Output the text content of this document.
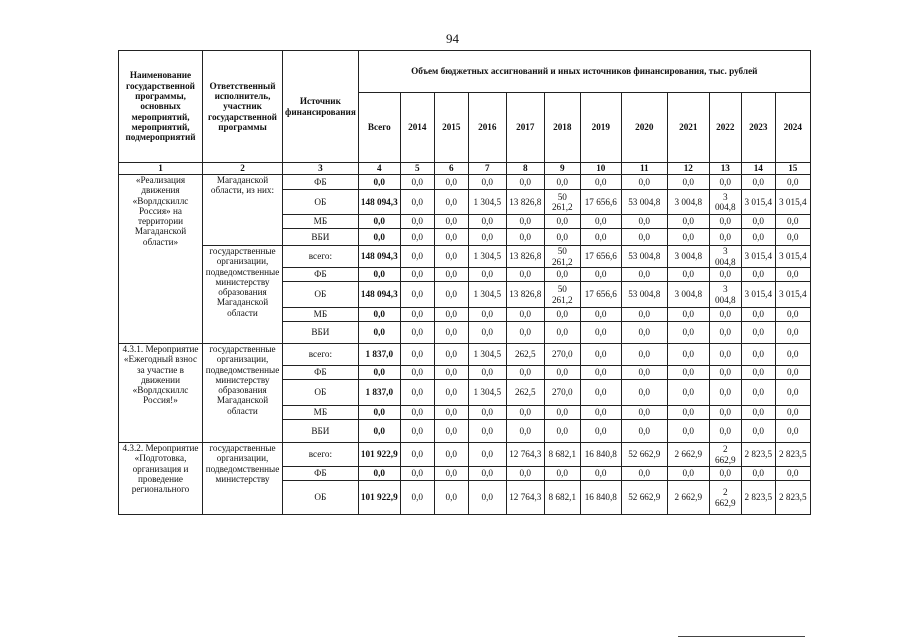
94
Наименование государственной программы, основных мероприятий, мероприятий, подмероприятий	Ответственный исполнитель, участник государственной программы	Источник финансирования	Объем бюджетных ассигнований и иных источников финансирования, тыс. рублей											
			Всего	2014	2015	2016	2017	2018	2019	2020	2021	2022	2023	2024
1	2	3	4	5	6	7	8	9	10	11	12	13	14	15
«Реализация движения «Ворлдскиллс Россия» на территории Магаданской области»	Магаданской области, из них:	ФБ	0,0	0,0	0,0	0,0	0,0	0,0	0,0	0,0	0,0	0,0	0,0	0,0
		ОБ	148 094,3	0,0	0,0	1 304,5	13 826,8	50 261,2	17 656,6	53 004,8	3 004,8	3 004,8	3 015,4	3 015,4
		МБ	0,0	0,0	0,0	0,0	0,0	0,0	0,0	0,0	0,0	0,0	0,0	0,0
		ВБИ	0,0	0,0	0,0	0,0	0,0	0,0	0,0	0,0	0,0	0,0	0,0	0,0
	государственные организации, подведомственные министерству образования Магаданской области	всего:	148 094,3	0,0	0,0	1 304,5	13 826,8	50 261,2	17 656,6	53 004,8	3 004,8	3 004,8	3 015,4	3 015,4
		ФБ	0,0	0,0	0,0	0,0	0,0	0,0	0,0	0,0	0,0	0,0	0,0	0,0
		ОБ	148 094,3	0,0	0,0	1 304,5	13 826,8	50 261,2	17 656,6	53 004,8	3 004,8	3 004,8	3 015,4	3 015,4
		МБ	0,0	0,0	0,0	0,0	0,0	0,0	0,0	0,0	0,0	0,0	0,0	0,0
		ВБИ	0,0	0,0	0,0	0,0	0,0	0,0	0,0	0,0	0,0	0,0	0,0	0,0
4.3.1. Мероприятие «Ежегодный взнос за участие в движении «Ворлдскиллс Россия!»	государственные организации, подведомственные министерству образования Магаданской области	всего:	1 837,0	0,0	0,0	1 304,5	262,5	270,0	0,0	0,0	0,0	0,0	0,0	0,0
		ФБ	0,0	0,0	0,0	0,0	0,0	0,0	0,0	0,0	0,0	0,0	0,0	0,0
		ОБ	1 837,0	0,0	0,0	1 304,5	262,5	270,0	0,0	0,0	0,0	0,0	0,0	0,0
		МБ	0,0	0,0	0,0	0,0	0,0	0,0	0,0	0,0	0,0	0,0	0,0	0,0
		ВБИ	0,0	0,0	0,0	0,0	0,0	0,0	0,0	0,0	0,0	0,0	0,0	0,0
4.3.2. Мероприятие «Подготовка, организация и проведение регионального	государственные организации, подведомственные министерству	всего:	101 922,9	0,0	0,0	0,0	12 764,3	8 682,1	16 840,8	52 662,9	2 662,9	2 662,9	2 823,5	2 823,5
		ФБ	0,0	0,0	0,0	0,0	0,0	0,0	0,0	0,0	0,0	0,0	0,0	0,0
		ОБ	101 922,9	0,0	0,0	0,0	12 764,3	8 682,1	16 840,8	52 662,9	2 662,9	2 662,9	2 823,5	2 823,5
